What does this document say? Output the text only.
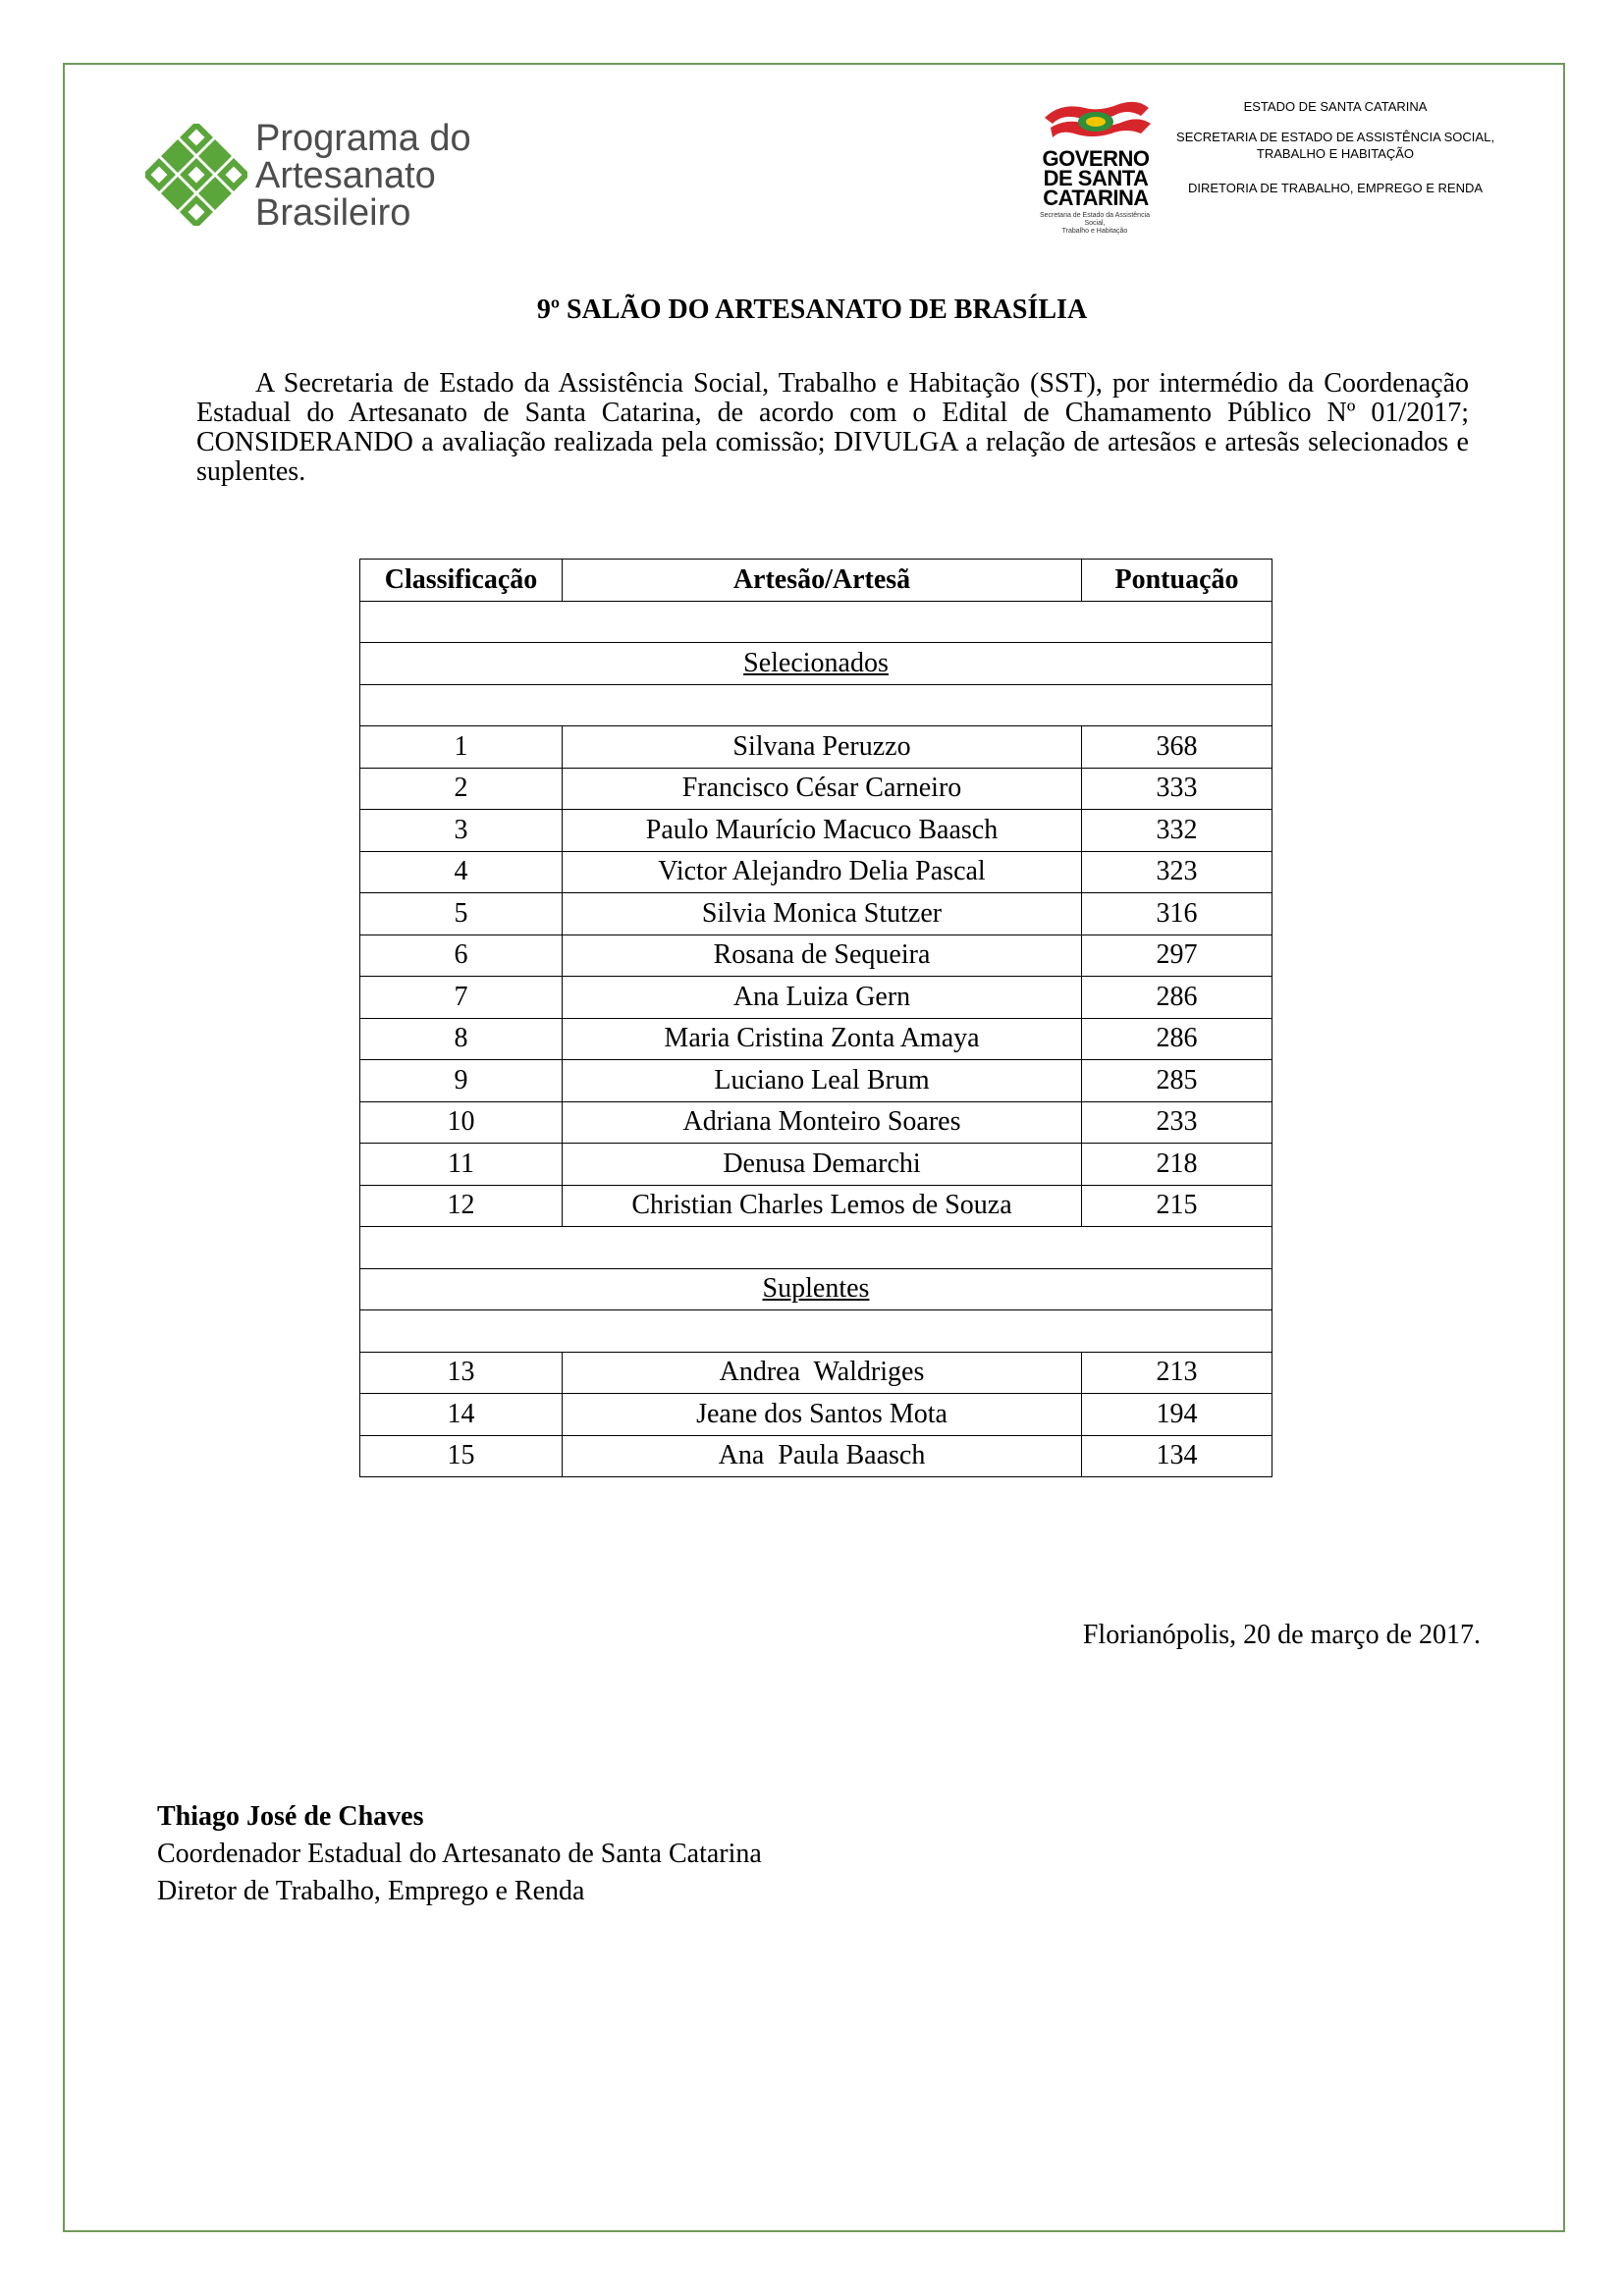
Programa do
Artesanato
Brasileiro
GOVERNO
DE SANTA
CATARINA
Secretaria de Estado da Assistência Social,
Trabalho e Habitação
ESTADO DE SANTA CATARINA
SECRETARIA DE ESTADO DE ASSISTÊNCIA SOCIAL,
TRABALHO E HABITAÇÃO
DIRETORIA DE TRABALHO, EMPREGO E RENDA
9º SALÃO DO ARTESANATO DE BRASÍLIA
A Secretaria de Estado da Assistência Social, Trabalho e Habitação (SST), por intermédio da Coordenação Estadual do Artesanato de Santa Catarina, de acordo com o Edital de Chamamento Público Nº 01/2017; CONSIDERANDO a avaliação realizada pela comissão; DIVULGA a relação de artesãos e artesãs selecionados e suplentes.
Classificação	Artesão/Artesã	Pontuação

Selecionados		

1	Silvana Peruzzo	368
2	Francisco César Carneiro	333
3	Paulo Maurício Macuco Baasch	332
4	Victor Alejandro Delia Pascal	323
5	Silvia Monica Stutzer	316
6	Rosana de Sequeira	297
7	Ana Luiza Gern	286
8	Maria Cristina Zonta Amaya	286
9	Luciano Leal Brum	285
10	Adriana Monteiro Soares	233
11	Denusa Demarchi	218
12	Christian Charles Lemos de Souza	215

Suplentes		

13	Andrea  Waldriges	213
14	Jeane dos Santos Mota	194
15	Ana  Paula Baasch	134
Florianópolis, 20 de março de 2017.
Thiago José de Chaves
Coordenador Estadual do Artesanato de Santa Catarina
Diretor de Trabalho, Emprego e Renda
